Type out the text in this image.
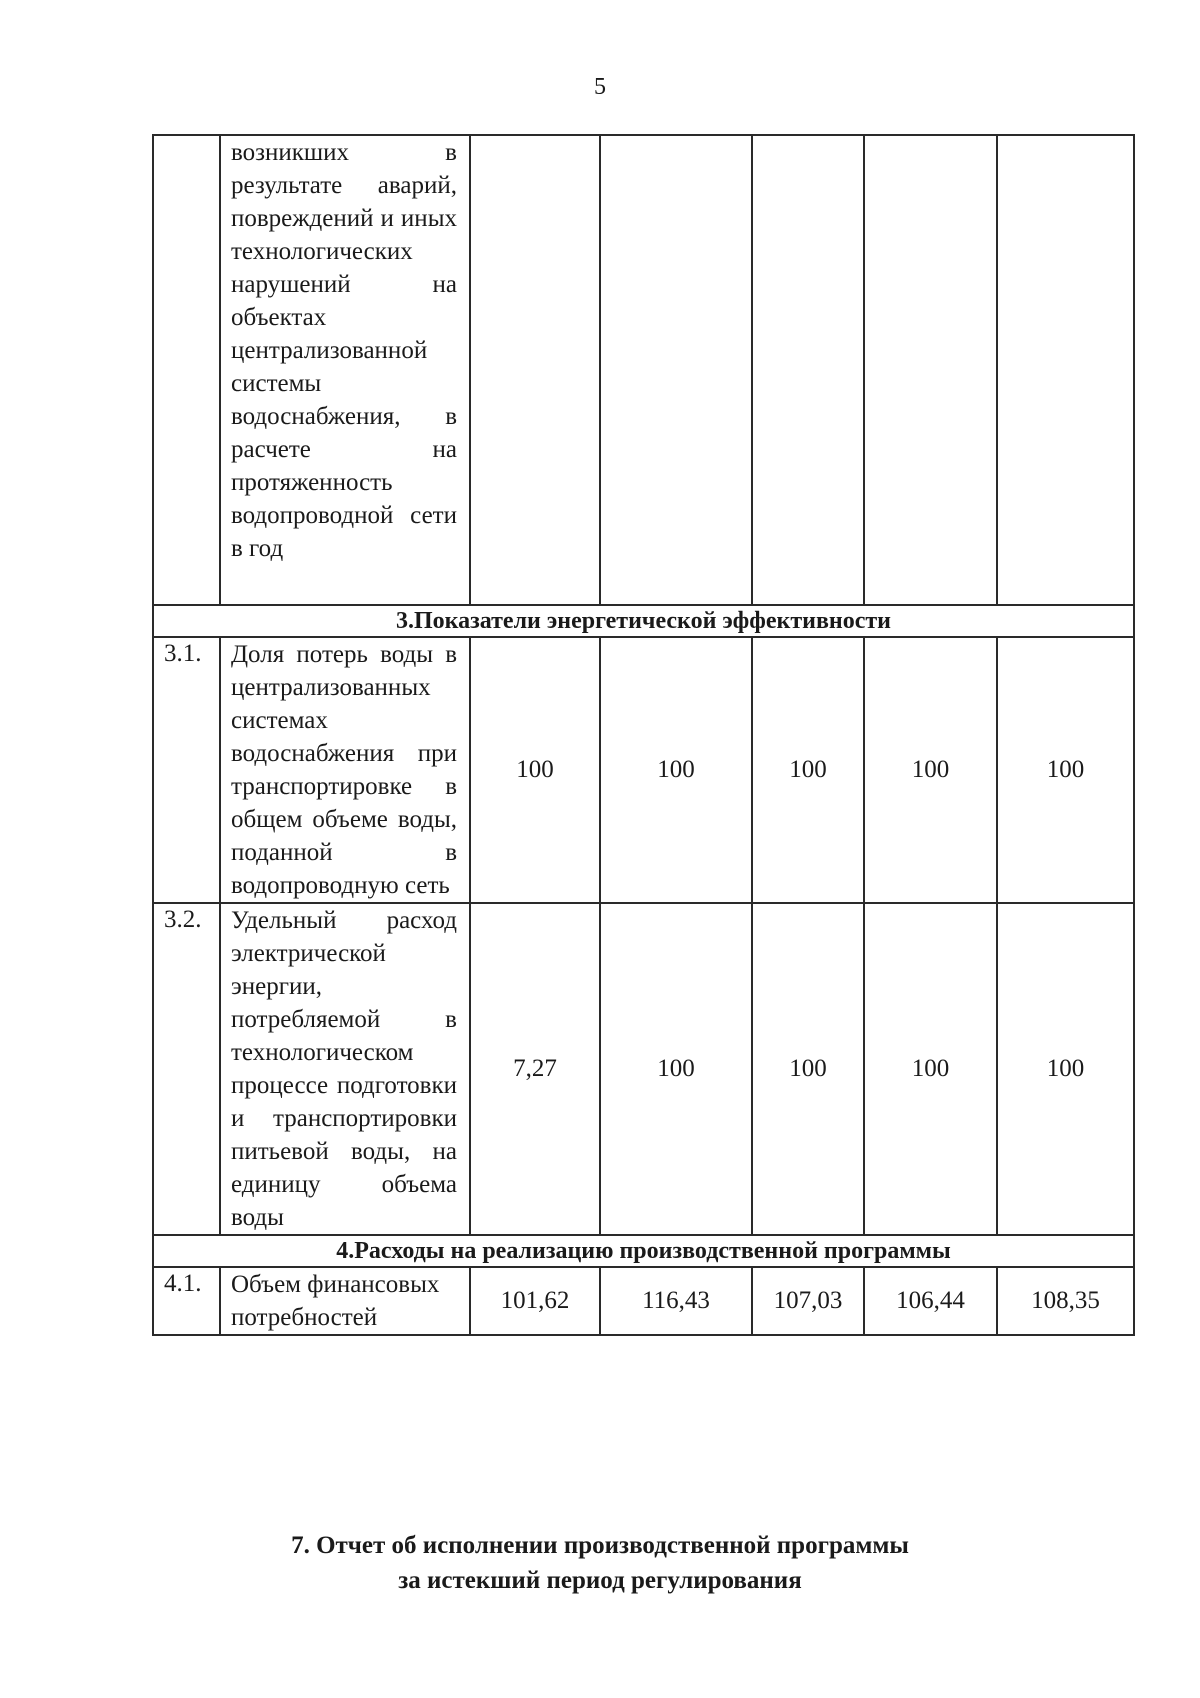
5
	возникших в результате аварий, повреждений и иных технологических нарушений на объектах централизованной системы водоснабжения, в расчете на протяженность водопроводной сети в год					
3.Показатели энергетической эффективности						
3.1.	Доля потерь воды в централизованных системах водоснабжения при транспортировке в общем объеме воды, поданной в водопроводную сеть	100	100	100	100	100
3.2.	Удельный расход электрической энергии, потребляемой в технологическом процессе подготовки и транспортировки питьевой воды, на единицу объема воды	7,27	100	100	100	100
4.Расходы на реализацию производственной программы						
4.1.	Объем финансовых потребностей	101,62	116,43	107,03	106,44	108,35
7. Отчет об исполнении производственной программы
за истекший период регулирования
